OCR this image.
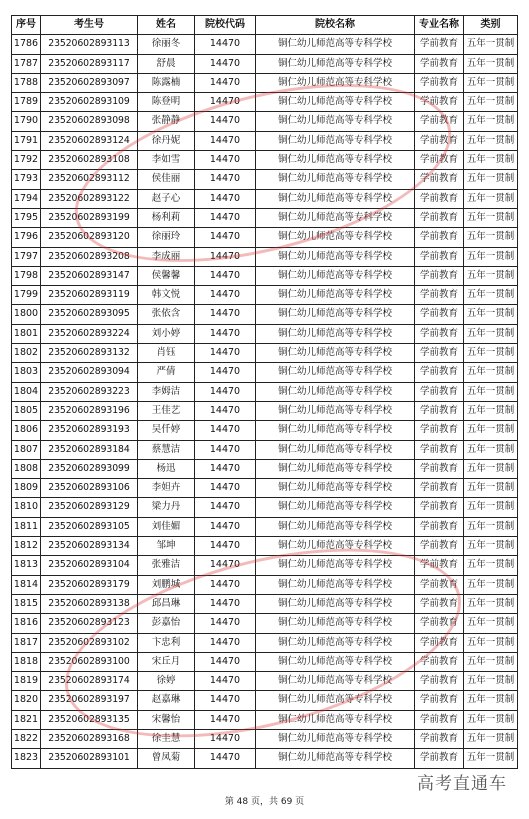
序号	考生号	姓名	院校代码	院校名称	专业名称	类别
1786	23520602893113	徐丽冬	14470	铜仁幼儿师范高等专科学校	学前教育	五年一贯制
1787	23520602893117	舒晨	14470	铜仁幼儿师范高等专科学校	学前教育	五年一贯制
1788	23520602893097	陈露楠	14470	铜仁幼儿师范高等专科学校	学前教育	五年一贯制
1789	23520602893109	陈登明	14470	铜仁幼儿师范高等专科学校	学前教育	五年一贯制
1790	23520602893098	张静静	14470	铜仁幼儿师范高等专科学校	学前教育	五年一贯制
1791	23520602893124	徐丹妮	14470	铜仁幼儿师范高等专科学校	学前教育	五年一贯制
1792	23520602893108	李如雪	14470	铜仁幼儿师范高等专科学校	学前教育	五年一贯制
1793	23520602893112	侯佳丽	14470	铜仁幼儿师范高等专科学校	学前教育	五年一贯制
1794	23520602893122	赵子心	14470	铜仁幼儿师范高等专科学校	学前教育	五年一贯制
1795	23520602893199	杨利莉	14470	铜仁幼儿师范高等专科学校	学前教育	五年一贯制
1796	23520602893120	徐丽玲	14470	铜仁幼儿师范高等专科学校	学前教育	五年一贯制
1797	23520602893208	李成丽	14470	铜仁幼儿师范高等专科学校	学前教育	五年一贯制
1798	23520602893147	侯馨馨	14470	铜仁幼儿师范高等专科学校	学前教育	五年一贯制
1799	23520602893119	韩文悦	14470	铜仁幼儿师范高等专科学校	学前教育	五年一贯制
1800	23520602893095	张依含	14470	铜仁幼儿师范高等专科学校	学前教育	五年一贯制
1801	23520602893224	刘小婷	14470	铜仁幼儿师范高等专科学校	学前教育	五年一贯制
1802	23520602893132	肖钰	14470	铜仁幼儿师范高等专科学校	学前教育	五年一贯制
1803	23520602893094	严倩	14470	铜仁幼儿师范高等专科学校	学前教育	五年一贯制
1804	23520602893223	李姆洁	14470	铜仁幼儿师范高等专科学校	学前教育	五年一贯制
1805	23520602893196	王佳艺	14470	铜仁幼儿师范高等专科学校	学前教育	五年一贯制
1806	23520602893193	吴仟婷	14470	铜仁幼儿师范高等专科学校	学前教育	五年一贯制
1807	23520602893184	蔡慧洁	14470	铜仁幼儿师范高等专科学校	学前教育	五年一贯制
1808	23520602893099	杨迅	14470	铜仁幼儿师范高等专科学校	学前教育	五年一贯制
1809	23520602893106	李妲卉	14470	铜仁幼儿师范高等专科学校	学前教育	五年一贯制
1810	23520602893129	梁力丹	14470	铜仁幼儿师范高等专科学校	学前教育	五年一贯制
1811	23520602893105	刘佳媚	14470	铜仁幼儿师范高等专科学校	学前教育	五年一贯制
1812	23520602893134	邹坤	14470	铜仁幼儿师范高等专科学校	学前教育	五年一贯制
1813	23520602893104	张雅洁	14470	铜仁幼儿师范高等专科学校	学前教育	五年一贯制
1814	23520602893179	刘鹏城	14470	铜仁幼儿师范高等专科学校	学前教育	五年一贯制
1815	23520602893138	邱昌琳	14470	铜仁幼儿师范高等专科学校	学前教育	五年一贯制
1816	23520602893123	彭嘉怡	14470	铜仁幼儿师范高等专科学校	学前教育	五年一贯制
1817	23520602893102	卞忠利	14470	铜仁幼儿师范高等专科学校	学前教育	五年一贯制
1818	23520602893100	宋丘月	14470	铜仁幼儿师范高等专科学校	学前教育	五年一贯制
1819	23520602893174	徐婷	14470	铜仁幼儿师范高等专科学校	学前教育	五年一贯制
1820	23520602893197	赵嘉琳	14470	铜仁幼儿师范高等专科学校	学前教育	五年一贯制
1821	23520602893135	宋馨怡	14470	铜仁幼儿师范高等专科学校	学前教育	五年一贯制
1822	23520602893168	徐圭慧	14470	铜仁幼儿师范高等专科学校	学前教育	五年一贯制
1823	23520602893101	曾凤菊	14470	铜仁幼儿师范高等专科学校	学前教育	五年一贯制
高考直通车
第 48 页，共 69 页
